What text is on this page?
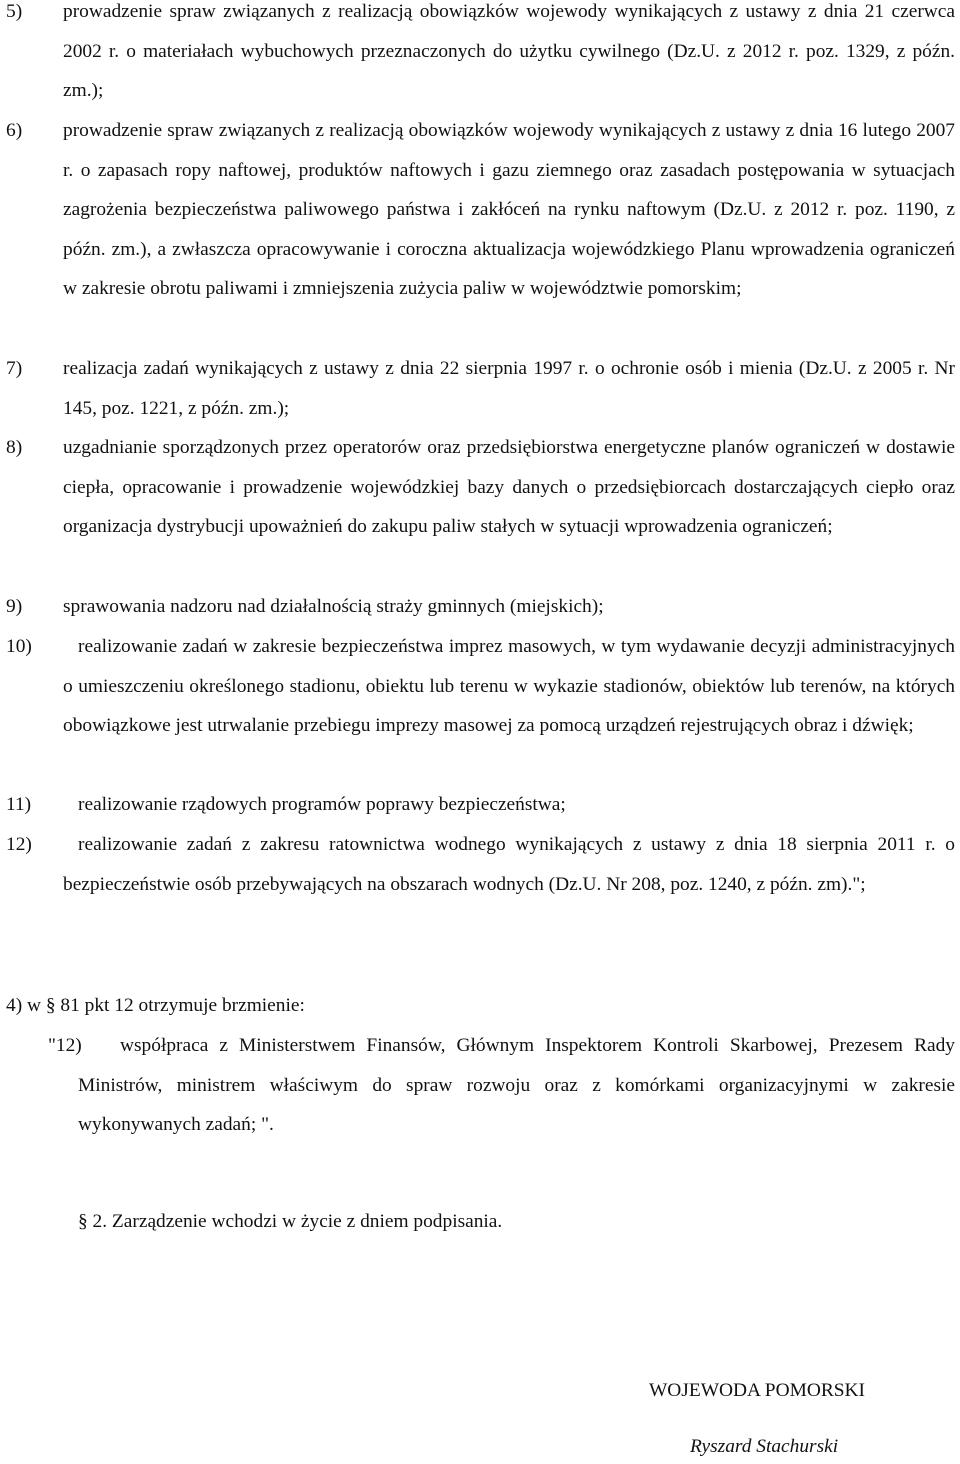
5) prowadzenie spraw związanych z realizacją obowiązków wojewody wynikających z ustawy z dnia 21 czerwca 2002 r. o materiałach wybuchowych przeznaczonych do użytku cywilnego (Dz.U. z 2012 r. poz. 1329, z późn. zm.);
6) prowadzenie spraw związanych z realizacją obowiązków wojewody wynikających z ustawy z dnia 16 lutego 2007 r. o zapasach ropy naftowej, produktów naftowych i gazu ziemnego oraz zasadach postępowania w sytuacjach zagrożenia bezpieczeństwa paliwowego państwa i zakłóceń na rynku naftowym (Dz.U. z 2012 r. poz. 1190, z późn. zm.), a zwłaszcza opracowywanie i coroczna aktualizacja wojewódzkiego Planu wprowadzenia ograniczeń w zakresie obrotu paliwami i zmniejszenia zużycia paliw w województwie pomorskim;
7) realizacja zadań wynikających z ustawy z dnia 22 sierpnia 1997 r. o ochronie osób i mienia (Dz.U. z 2005 r. Nr 145, poz. 1221, z późn. zm.);
8) uzgadnianie sporządzonych przez operatorów oraz przedsiębiorstwa energetyczne planów ograniczeń w dostawie ciepła, opracowanie i prowadzenie wojewódzkiej bazy danych o przedsiębiorcach dostarczających ciepło oraz organizacja dystrybucji upoważnień do zakupu paliw stałych w sytuacji wprowadzenia ograniczeń;
9) sprawowania nadzoru nad działalnością straży gminnych (miejskich);
10)	realizowanie zadań w zakresie bezpieczeństwa imprez masowych, w tym wydawanie decyzji administracyjnych o umieszczeniu określonego stadionu, obiektu lub terenu w wykazie stadionów, obiektów lub terenów, na których obowiązkowe jest utrwalanie przebiegu imprezy masowej za pomocą urządzeń rejestrujących obraz i dźwięk;
11)	realizowanie rządowych programów poprawy bezpieczeństwa;
12)	realizowanie zadań z zakresu ratownictwa wodnego wynikających z ustawy z dnia 18 sierpnia 2011 r. o bezpieczeństwie osób przebywających na obszarach wodnych (Dz.U. Nr 208, poz. 1240, z późn. zm).";
4) w § 81 pkt 12 otrzymuje brzmienie:
"12)	współpraca z Ministerstwem Finansów, Głównym Inspektorem Kontroli Skarbowej, Prezesem Rady Ministrów, ministrem właściwym do spraw rozwoju oraz z komórkami organizacyjnymi w zakresie wykonywanych zadań; ".
§ 2. Zarządzenie wchodzi w życie z dniem podpisania.
WOJEWODA POMORSKI
Ryszard Stachurski
